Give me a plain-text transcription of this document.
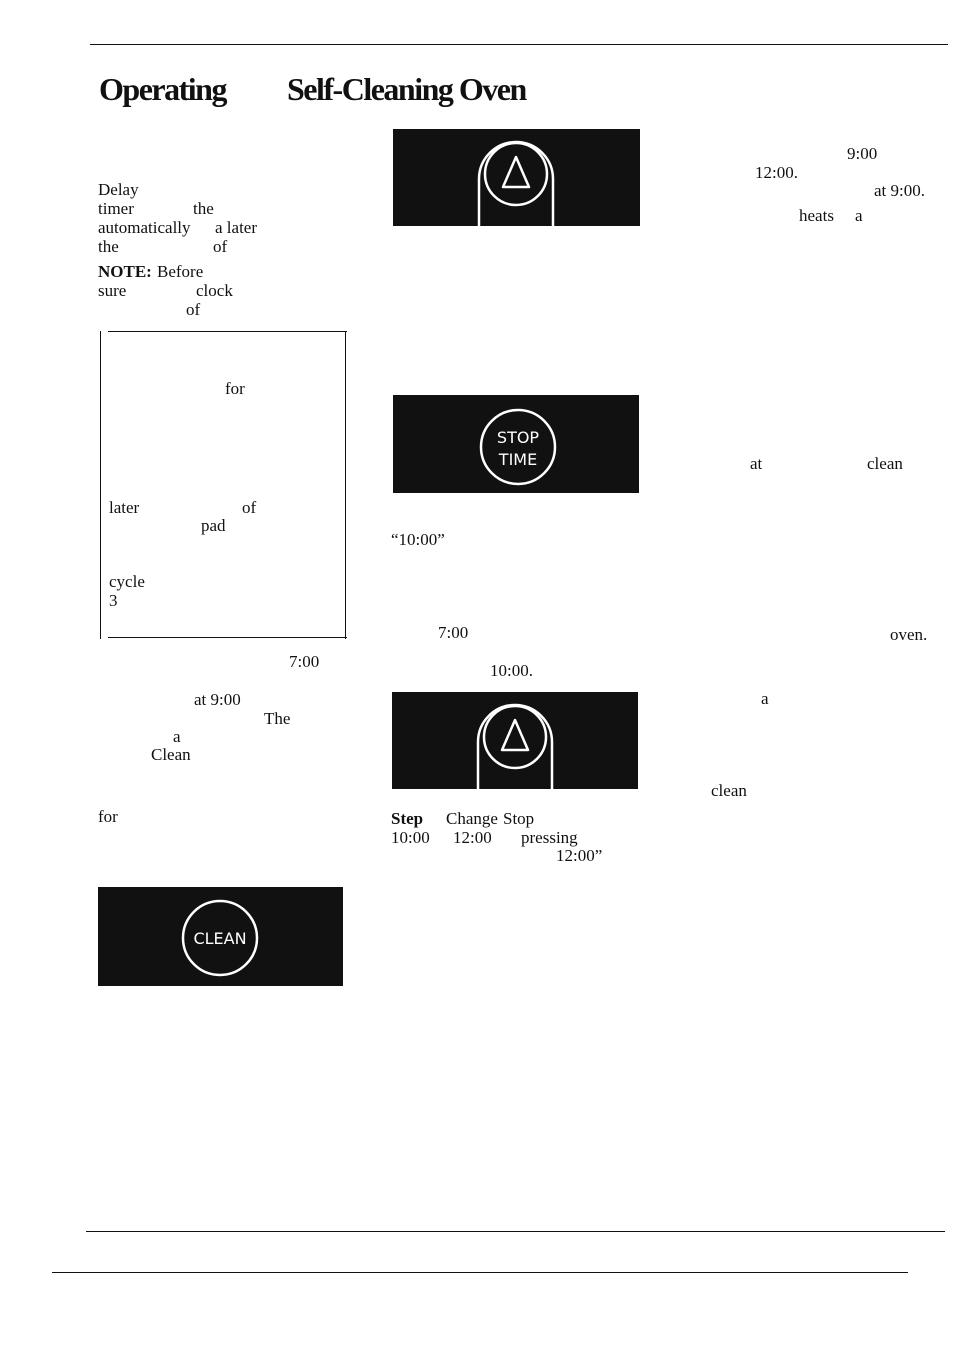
Operating Self-Cleaning Oven
Delay
timer	the
automatically a later
the	of
NOTE: Before
sure	clock
of
for
later	of
pad
cycle
3
7:00
at 9:00
The
a
Clean
for
CLEAN
STOP
TIME
“10:00”
7:00
10:00.
Step Change Stop
10:00 12:00 pressing
12:00”
9:00
12:00.
at 9:00.
heats a
at	clean
oven.
a
clean
